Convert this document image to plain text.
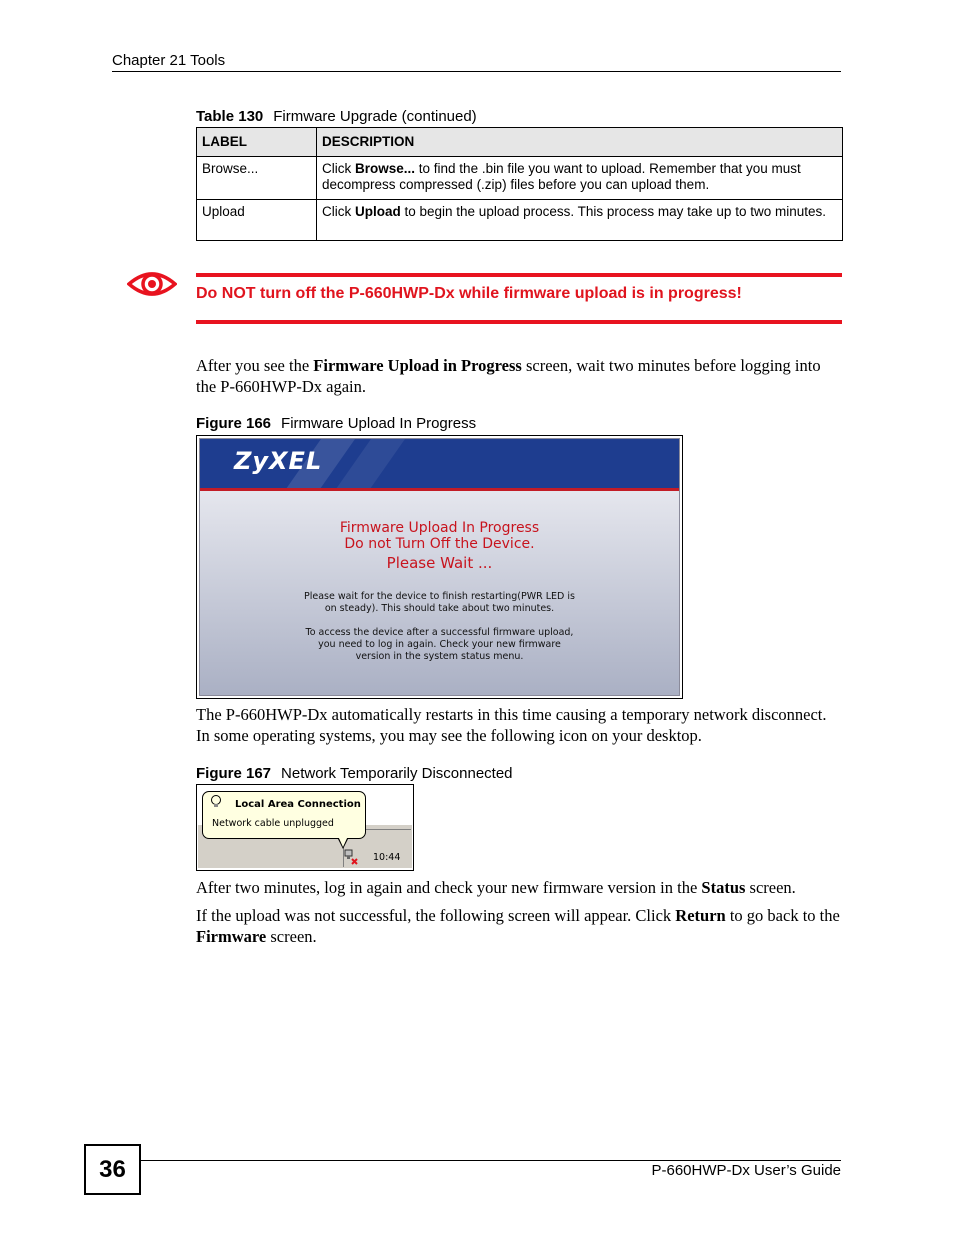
Chapter 21 Tools
Table 130 Firmware Upgrade (continued)
LABEL	DESCRIPTION
Browse...	Click Browse... to find the .bin file you want to upload. Remember that you must decompress compressed (.zip) files before you can upload them.
Upload	Click Upload to begin the upload process. This process may take up to two minutes.
Do NOT turn off the P-660HWP-Dx while firmware upload is in progress!
After you see the Firmware Upload in Progress screen, wait two minutes before logging into the P-660HWP-Dx again.
Figure 166 Firmware Upload In Progress
ZyXEL
Firmware Upload In Progress
Do not Turn Off the Device.
Please Wait ...
Please wait for the device to finish restarting(PWR LED is
on steady). This should take about two minutes.
To access the device after a successful firmware upload,
you need to log in again. Check your new firmware
version in the system status menu.
The P-660HWP-Dx automatically restarts in this time causing a temporary network disconnect. In some operating systems, you may see the following icon on your desktop.
Figure 167 Network Temporarily Disconnected
Local Area Connection
Network cable unplugged
10:44
After two minutes, log in again and check your new firmware version in the Status screen.
If the upload was not successful, the following screen will appear. Click Return to go back to the Firmware screen.
36	P-660HWP-Dx User’s Guide
